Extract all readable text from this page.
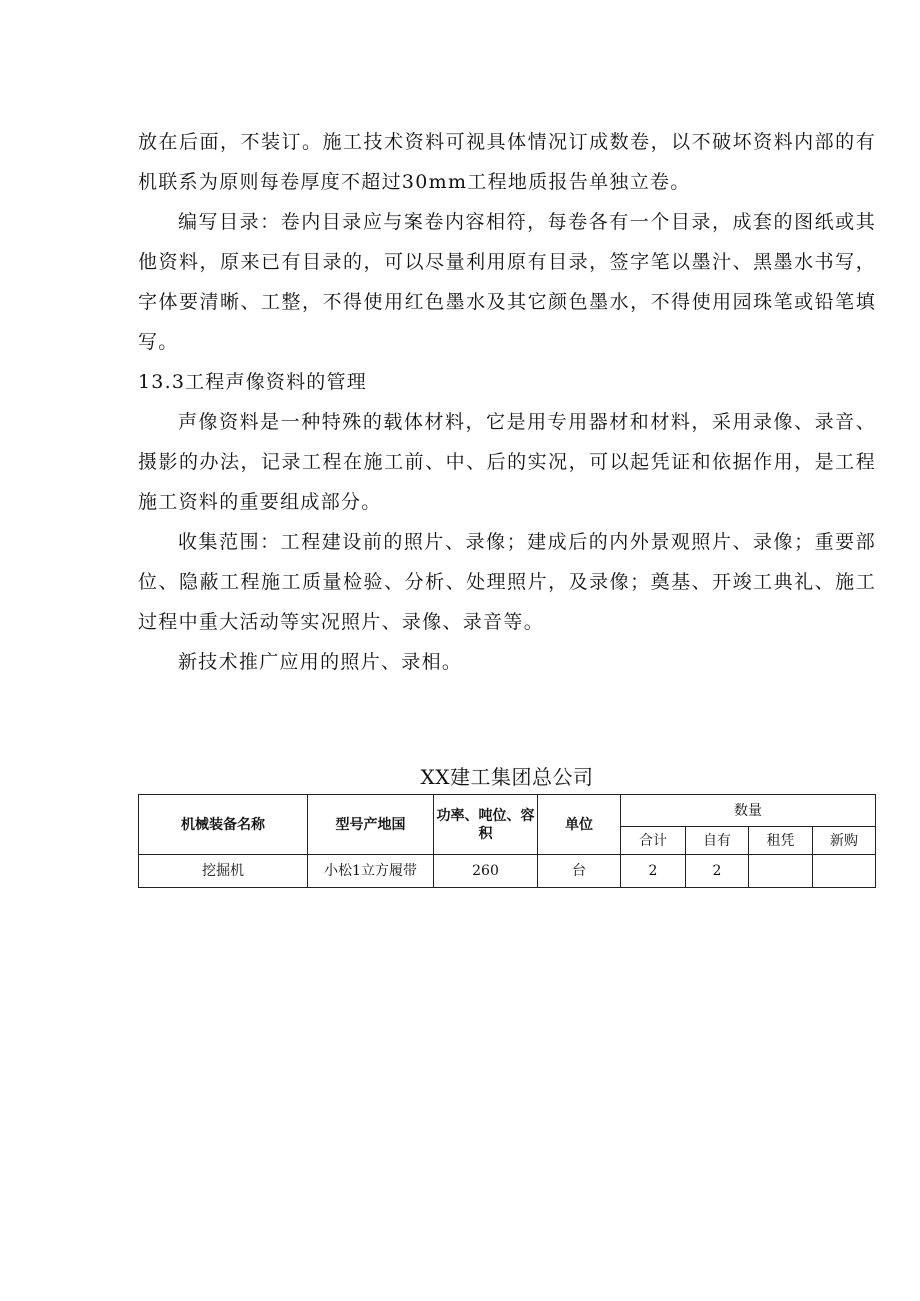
放在后面，不装订。施工技术资料可视具体情况订成数卷，以不破坏资料内部的有机联系为原则每卷厚度不超过30mm工程地质报告单独立卷。

编写目录：卷内目录应与案卷内容相符，每卷各有一个目录，成套的图纸或其他资料，原来已有目录的，可以尽量利用原有目录，签字笔以墨汁、黑墨水书写，字体要清晰、工整，不得使用红色墨水及其它颜色墨水，不得使用园珠笔或铅笔填写。

13.3工程声像资料的管理

声像资料是一种特殊的载体材料，它是用专用器材和材料，采用录像、录音、摄影的办法，记录工程在施工前、中、后的实况，可以起凭证和依据作用，是工程施工资料的重要组成部分。

收集范围：工程建设前的照片、录像；建成后的内外景观照片、录像；重要部位、隐蔽工程施工质量检验、分析、处理照片，及录像；奠基、开竣工典礼、施工过程中重大活动等实况照片、录像、录音等。

新技术推广应用的照片、录相。

XX建工集团总公司
机械装备名称	型号产地国	功率、吨位、容积	单位	数量			
				合计	自有	租凭	新购
挖掘机	小松1立方履带	260	台	2	2		
